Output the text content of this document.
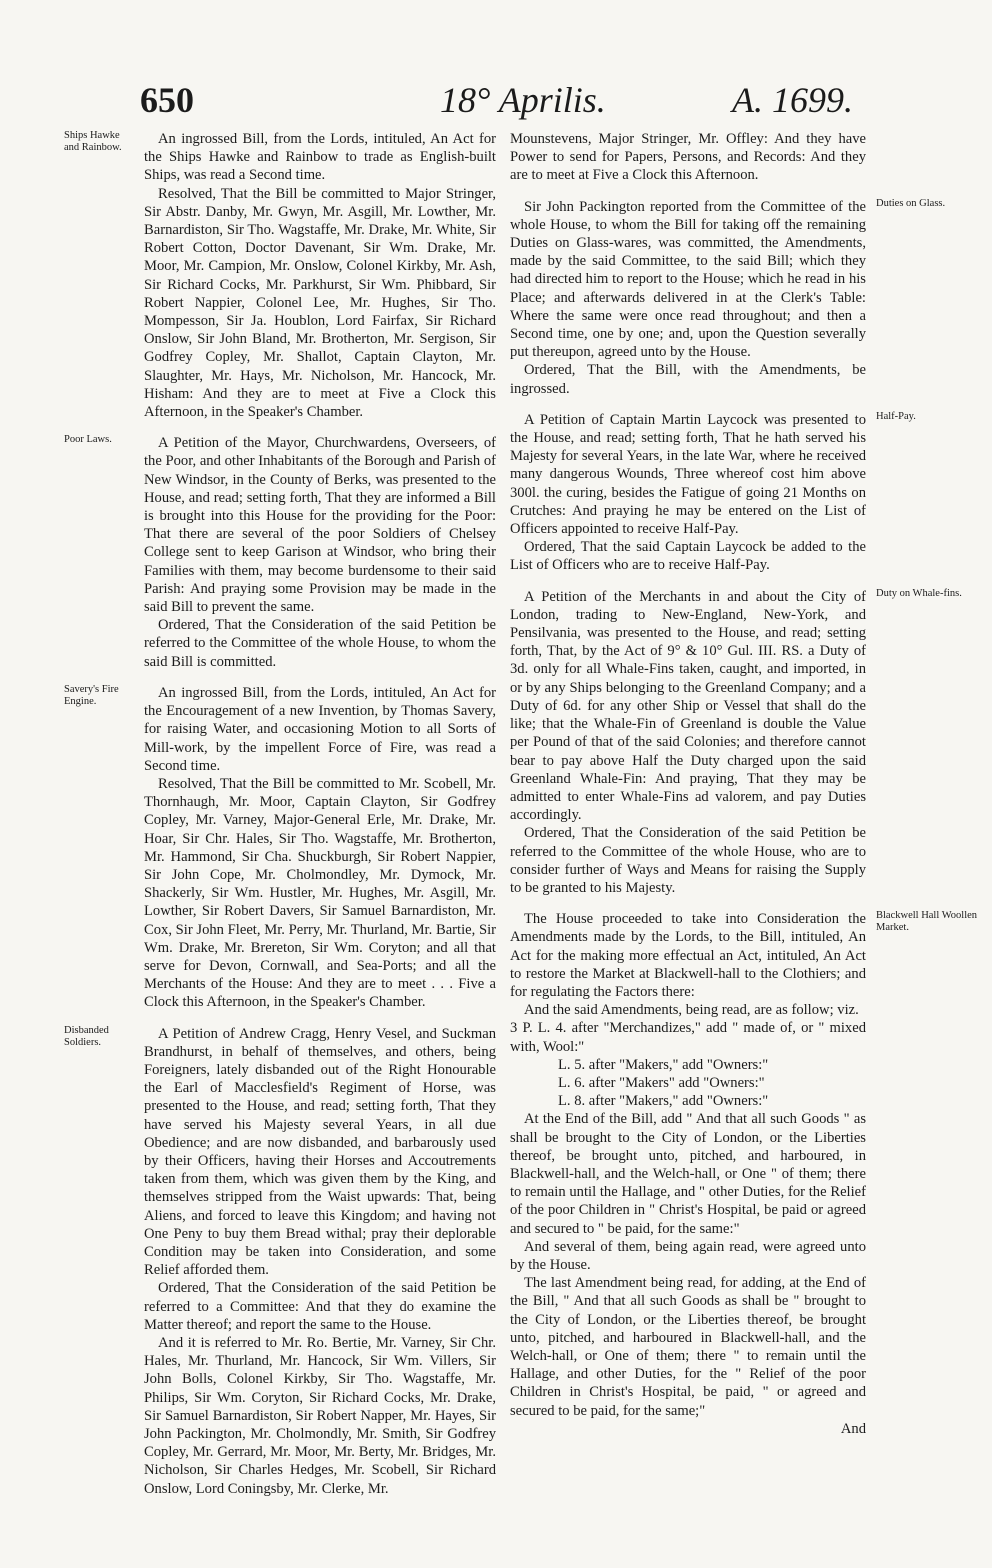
650	18° Aprilis.	A. 1699.
Ships Hawke and Rainbow.

An ingrossed Bill, from the Lords, intituled, An Act for the Ships Hawke and Rainbow to trade as English-built Ships, was read a Second time.

Resolved, That the Bill be committed to Major Stringer, Sir Abstr. Danby, Mr. Gwyn, Mr. Asgill, Mr. Lowther, Mr. Barnardiston, Sir Tho. Wagstaffe, Mr. Drake, Mr. White, Sir Robert Cotton, Doctor Davenant, Sir Wm. Drake, Mr. Moor, Mr. Campion, Mr. Onslow, Colonel Kirkby, Mr. Ash, Sir Richard Cocks, Mr. Parkhurst, Sir Wm. Phibbard, Sir Robert Nappier, Colonel Lee, Mr. Hughes, Sir Tho. Mompesson, Sir Ja. Houblon, Lord Fairfax, Sir Richard Onslow, Sir John Bland, Mr. Brotherton, Mr. Sergison, Sir Godfrey Copley, Mr. Shallot, Captain Clayton, Mr. Slaughter, Mr. Hays, Mr. Nicholson, Mr. Hancock, Mr. Hisham: And they are to meet at Five a Clock this Afternoon, in the Speaker's Chamber.

Poor Laws.	A Petition of the Mayor, Churchwardens, Overseers, of the Poor, and other Inhabitants of the Borough and Parish of New Windsor, in the County of Berks, was presented to the House, and read; setting forth, That they are informed a Bill is brought into this House for the providing for the Poor: That there are several of the poor Soldiers of Chelsey College sent to keep Garison at Windsor, who bring their Families with them, may become burdensome to their said Parish: And praying some Provision may be made in the said Bill to prevent the same.

Ordered, That the Consideration of the said Petition be referred to the Committee of the whole House, to whom the said Bill is committed.

Savery's Fire Engine.

An ingrossed Bill, from the Lords, intituled, An Act for the Encouragement of a new Invention, by Thomas Savery, for raising Water, and occasioning Motion to all Sorts of Mill-work, by the impellent Force of Fire, was read a Second time.

Resolved, That the Bill be committed to Mr. Scobell, Mr. Thornhaugh, Mr. Moor, Captain Clayton, Sir Godfrey Copley, Mr. Varney, Major-General Erle, Mr. Drake, Mr. Hoar, Sir Chr. Hales, Sir Tho. Wagstaffe, Mr. Brotherton, Mr. Hammond, Sir Cha. Shuckburgh, Sir Robert Nappier, Sir John Cope, Mr. Cholmondley, Mr. Dymock, Mr. Shackerly, Sir Wm. Hustler, Mr. Hughes, Mr. Asgill, Mr. Lowther, Sir Robert Davers, Sir Samuel Barnardiston, Mr. Cox, Sir John Fleet, Mr. Perry, Mr. Thurland, Mr. Bartie, Sir Wm. Drake, Mr. Brereton, Sir Wm. Coryton; and all that serve for Devon, Cornwall, and Sea-Ports; and all the Merchants of the House: And they are to meet . . . Five a Clock this Afternoon, in the Speaker's Chamber.

Disbanded Soldiers.

A Petition of Andrew Cragg, Henry Vesel, and Suckman Brandhurst, in behalf of themselves, and others, being Foreigners, lately disbanded out of the Right Honourable the Earl of Macclesfield's Regiment of Horse, was presented to the House, and read; setting forth, That they have served his Majesty several Years, in all due Obedience; and are now disbanded, and barbarously used by their Officers, having their Horses and Accoutrements taken from them, which was given them by the King, and themselves stripped from the Waist upwards: That, being Aliens, and forced to leave this Kingdom; and having not One Peny to buy them Bread withal; pray their deplorable Condition may be taken into Consideration, and some Relief afforded them.

Ordered, That the Consideration of the said Petition be referred to a Committee: And that they do examine the Matter thereof; and report the same to the House.

And it is referred to Mr. Ro. Bertie, Mr. Varney, Sir Chr. Hales, Mr. Thurland, Mr. Hancock, Sir Wm. Villers, Sir John Bolls, Colonel Kirkby, Sir Tho. Wagstaffe, Mr. Philips, Sir Wm. Coryton, Sir Richard Cocks, Mr. Drake, Sir Samuel Barnardiston, Sir Robert Napper, Mr. Hayes, Sir John Packington, Mr. Cholmondly, Mr. Smith, Sir Godfrey Copley, Mr. Gerrard, Mr. Moor, Mr. Berty, Mr. Bridges, Mr. Nicholson, Sir Charles Hedges, Mr. Scobell, Sir Richard Onslow, Lord Coningsby, Mr. Clerke, Mr.

Mounstevens, Major Stringer, Mr. Offley: And they have Power to send for Papers, Persons, and Records: And they are to meet at Five a Clock this Afternoon.

Duties on Glass.

Sir John Packington reported from the Committee of the whole House, to whom the Bill for taking off the remaining Duties on Glass-wares, was committed, the Amendments, made by the said Committee, to the said Bill; which they had directed him to report to the House; which he read in his Place; and afterwards delivered in at the Clerk's Table: Where the same were once read throughout; and then a Second time, one by one; and, upon the Question severally put thereupon, agreed unto by the House.

Ordered, That the Bill, with the Amendments, be ingrossed.

Half-Pay.

A Petition of Captain Martin Laycock was presented to the House, and read; setting forth, That he hath served his Majesty for several Years, in the late War, where he received many dangerous Wounds, Three whereof cost him above 300l. the curing, besides the Fatigue of going 21 Months on Crutches: And praying he may be entered on the List of Officers appointed to receive Half-Pay.

Ordered, That the said Captain Laycock be added to the List of Officers who are to receive Half-Pay.

Duty on Whale-fins.

A Petition of the Merchants in and about the City of London, trading to New-England, New-York, and Pensilvania, was presented to the House, and read; setting forth, That, by the Act of 9° & 10° Gul. III. RS. a Duty of 3d. only for all Whale-Fins taken, caught, and imported, in or by any Ships belonging to the Greenland Company; and a Duty of 6d. for any other Ship or Vessel that shall do the like; that the Whale-Fin of Greenland is double the Value per Pound of that of the said Colonies; and therefore cannot bear to pay above Half the Duty charged upon the said Greenland Whale-Fin: And praying, That they may be admitted to enter Whale-Fins ad valorem, and pay Duties accordingly.

Ordered, That the Consideration of the said Petition be referred to the Committee of the whole House, who are to consider further of Ways and Means for raising the Supply to be granted to his Majesty.

Blackwell Hall Woollen Market.

The House proceeded to take into Consideration the Amendments made by the Lords, to the Bill, intituled, An Act for the making more effectual an Act, intituled, An Act to restore the Market at Blackwell-hall to the Clothiers; and for regulating the Factors there:

And the said Amendments, being read, are as follow; viz.

3 P. L. 4. after "Merchandizes," add " made of, or " mixed with, Wool:"

L. 5. after "Makers," add "Owners:"

L. 6. after "Makers" add "Owners:"

L. 8. after "Makers," add "Owners:"

At the End of the Bill, add " And that all such Goods " as shall be brought to the City of London, or the Liberties thereof, be brought unto, pitched, and harboured, in Blackwell-hall, and the Welch-hall, or One " of them; there to remain until the Hallage, and " other Duties, for the Relief of the poor Children in " Christ's Hospital, be paid or agreed and secured to " be paid, for the same:"

And several of them, being again read, were agreed unto by the House.

The last Amendment being read, for adding, at the End of the Bill, " And that all such Goods as shall be " brought to the City of London, or the Liberties thereof, be brought unto, pitched, and harboured in Blackwell-hall, and the Welch-hall, or One of them; there " to remain until the Hallage, and other Duties, for the " Relief of the poor Children in Christ's Hospital, be paid, " or agreed and secured to be paid, for the same;"

And
